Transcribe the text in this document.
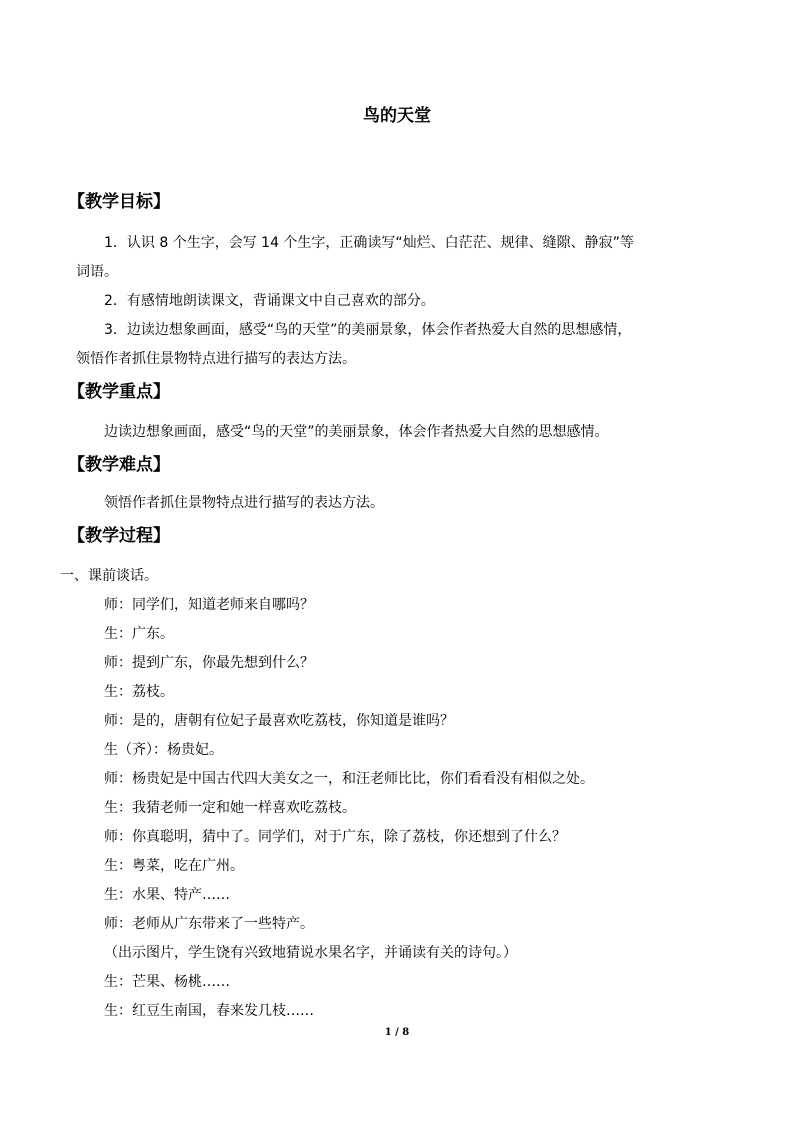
鸟的天堂
【教学目标】
1．认识 8 个生字，会写 14 个生字，正确读写“灿烂、白茫茫、规律、缝隙、静寂”等
词语。
2．有感情地朗读课文，背诵课文中自己喜欢的部分。
3．边读边想象画面，感受“鸟的天堂”的美丽景象，体会作者热爱大自然的思想感情，
领悟作者抓住景物特点进行描写的表达方法。
【教学重点】
边读边想象画面，感受“鸟的天堂”的美丽景象，体会作者热爱大自然的思想感情。
【教学难点】
领悟作者抓住景物特点进行描写的表达方法。
【教学过程】
一、课前谈话。
师：同学们，知道老师来自哪吗？
生：广东。
师：提到广东，你最先想到什么？
生：荔枝。
师：是的，唐朝有位妃子最喜欢吃荔枝，你知道是谁吗？
生（齐）：杨贵妃。
师：杨贵妃是中国古代四大美女之一，和汪老师比比，你们看看没有相似之处。
生：我猜老师一定和她一样喜欢吃荔枝。
师：你真聪明，猜中了。同学们，对于广东，除了荔枝，你还想到了什么？
生：粤菜，吃在广州。
生：水果、特产……
师：老师从广东带来了一些特产。
（出示图片，学生饶有兴致地猜说水果名字，并诵读有关的诗句。）
生：芒果、杨桃……
生：红豆生南国，春来发几枝……
1 / 8
